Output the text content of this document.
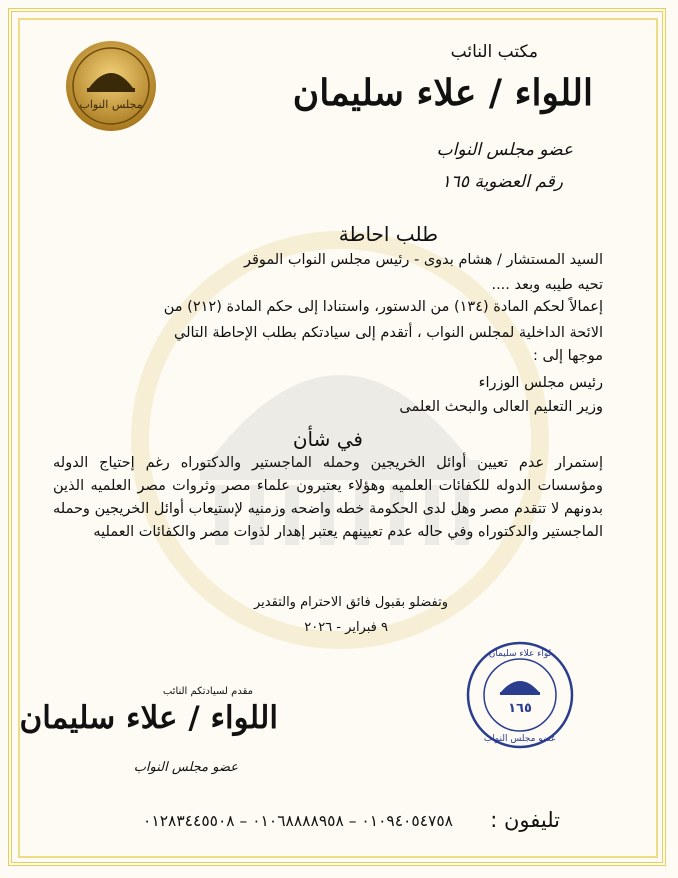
مجلس النواب
مكتب النائب
اللواء / علاء سليمان
عضو مجلس النواب
رقم العضوية ١٦٥
طلب احاطة
السيد المستشار / هشام بدوى - رئيس مجلس النواب الموقر
تحيه طيبه وبعد ....
إعمالاً لحكم المادة (١٣٤) من الدستور، واستنادا إلى حكم المادة (٢١٢) من
الائحة الداخلية لمجلس النواب ، أتقدم إلى سيادتكم بطلب الإحاطة التالي
موجها إلى :
رئيس مجلس الوزراء
وزير التعليم العالى والبحث العلمى
في شأن
إستمرار عدم تعيين أوائل الخريجين وحمله الماجستير والدكتوراه رغم إحتياج الدوله ومؤسسات الدوله للكفائات العلميه وهؤلاء يعتبرون علماء مصر وثروات مصر العلميه الذين بدونهم لا تتقدم مصر وهل لدى الحكومة خطه واضحه وزمنيه لإستيعاب أوائل الخريجين وحمله الماجستير والدكتوراه وفي حاله عدم تعيينهم يعتبر إهدار لذوات مصر والكفائات العمليه
وتفضلو بقبول فائق الاحترام والتقدير
٩ فبراير - ٢٠٢٦
مقدم لسيادتكم النائب
اللواء / علاء سليمان
عضو مجلس النواب
لواء علاء سليمان
١٦٥
عضو مجلس النواب
تليفون :
٠١٠٩٤٠٥٤٧٥٨ – ٠١٠٦٨٨٨٨٩٥٨ – ٠١٢٨٣٤٤٥٥٠٨
